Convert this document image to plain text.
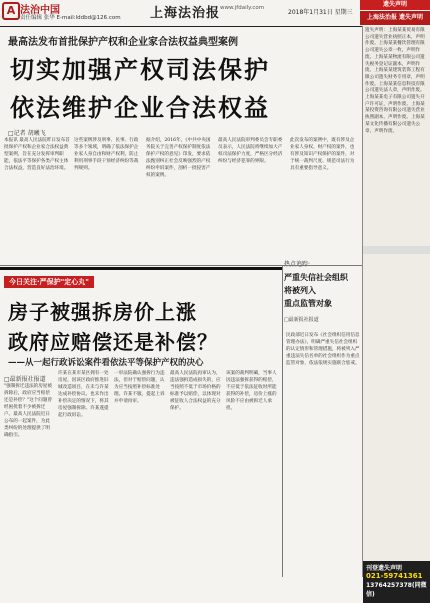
A 法治中国
责任编辑 张华 E-mail:lddbd@126.com 上海法治报 www.jfdaily.com
2018年1月31日 星期三
遗失声明
上海法治报 遗失声明
最高法发布首批保护产权和企业家合法权益典型案例
切实加强产权司法保护
依法维护企业合法权益
□记者 胡曦飞
本报讯 最高人民法院昨日发布首批保护产权和企业家合法权益典型案例，旨在充分发挥审判职能，依法平等保护各类产权主体合法权益，营造良好法治环境。
这些案例涉及刑事、民事、行政等多个领域，明确了依法保护企业家人身自由和财产权利，防止利用刑事手段干预经济纠纷等裁判规则。
据介绍，2016年，《中共中央国务院关于完善产权保护制度依法保护产权的意见》印发，要求依法甄别纠正社会反映强烈的产权纠纷申诉案件，剖析一批侵害产权的案例。
最高人民法院审判委员会专职委员表示，人民法院将继续加大产权司法保护力度，严格区分经济纠纷与经济犯罪的界限。
此次发布的案例中，既有涉及企业家人身权、财产权的案件，也有涉及知识产权保护的案件，对于统一裁判尺度、规范司法行为具有重要指导意义。
今日关注·严保护"定心丸"
房子被强拆房价上涨
政府应赔偿还是补偿？
——从一起行政诉讼案件看依法平等保护产权的决心
□最新报社报道
"强制拆迁违法的房屋被拆除后，政府应当赔偿还是补偿？"这个问题曾经困扰着不少被拆迁户。最高人民法院近日公布的一起案件，为此类纠纷的处理提供了明确指引。
许某在某市某区拥有一处房屋，因该区政府推进旧城改造项目，在未与许某达成补偿协议、也未作出补偿决定的情况下，将其房屋强制拆除。许某遂提起行政诉讼。
一审法院确认强拆行为违法，但对于赔偿问题，认为应当按照补偿标准处理。许某不服，提起上诉并申请再审。
最高人民法院再审认为，违法强拆造成损失的，应当按照不低于市场价格的标准予以赔偿，以体现对被征收人合法权益的充分保护。
该案的裁判明确，当事人因违法强拆获得的赔偿，不应低于依法征收时所能获得的补偿，房价上涨的风险不应由被拆迁人承担。
严重失信社会组织
将被列入
重点监管对象
□最新报社报道
民政部近日发布《社会组织信用信息管理办法》，明确严重失信社会组织的认定情形和管理措施，将被列入严重违法失信名单的社会组织作为重点监管对象，依法依规实施联合惩戒。
遗失声明：上海某某贸易有限公司遗失营业执照正本，声明作废。上海某某餐饮管理有限公司遗失公章一枚，声明作废。上海某某物流有限公司遗失税务登记证副本，声明作废。上海某某建筑装饰工程有限公司遗失财务专用章，声明作废。上海某某信息科技有限公司遗失法人章，声明作废。上海某某电子有限公司遗失开户许可证，声明作废。上海某某投资咨询有限公司遗失营业执照副本，声明作废。上海某某文化传播有限公司遗失公章，声明作废。
刊登遗失声明
021-59741361
13764257378(同微信)
